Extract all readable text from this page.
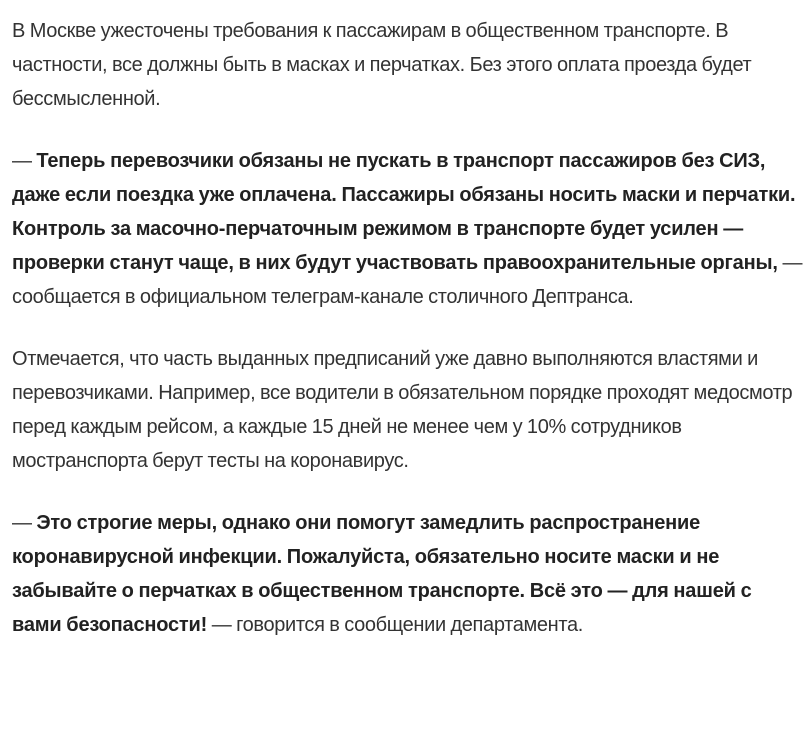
В Москве ужесточены требования к пассажирам в общественном транспорте. В частности, все должны быть в масках и перчатках. Без этого оплата проезда будет бессмысленной.

— Теперь перевозчики обязаны не пускать в транспорт пассажиров без СИЗ, даже если поездка уже оплачена. Пассажиры обязаны носить маски и перчатки. Контроль за масочно-перчаточным режимом в транспорте будет усилен — проверки станут чаще, в них будут участвовать правоохранительные органы, — сообщается в официальном телеграм-канале столичного Дептранса.

Отмечается, что часть выданных предписаний уже давно выполняются властями и перевозчиками. Например, все водители в обязательном порядке проходят медосмотр перед каждым рейсом, а каждые 15 дней не менее чем у 10% сотрудников мостранспорта берут тесты на коронавирус.

— Это строгие меры, однако они помогут замедлить распространение коронавирусной инфекции. Пожалуйста, обязательно носите маски и не забывайте о перчатках в общественном транспорте. Всё это — для нашей с вами безопасности! — говорится в сообщении департамента.
